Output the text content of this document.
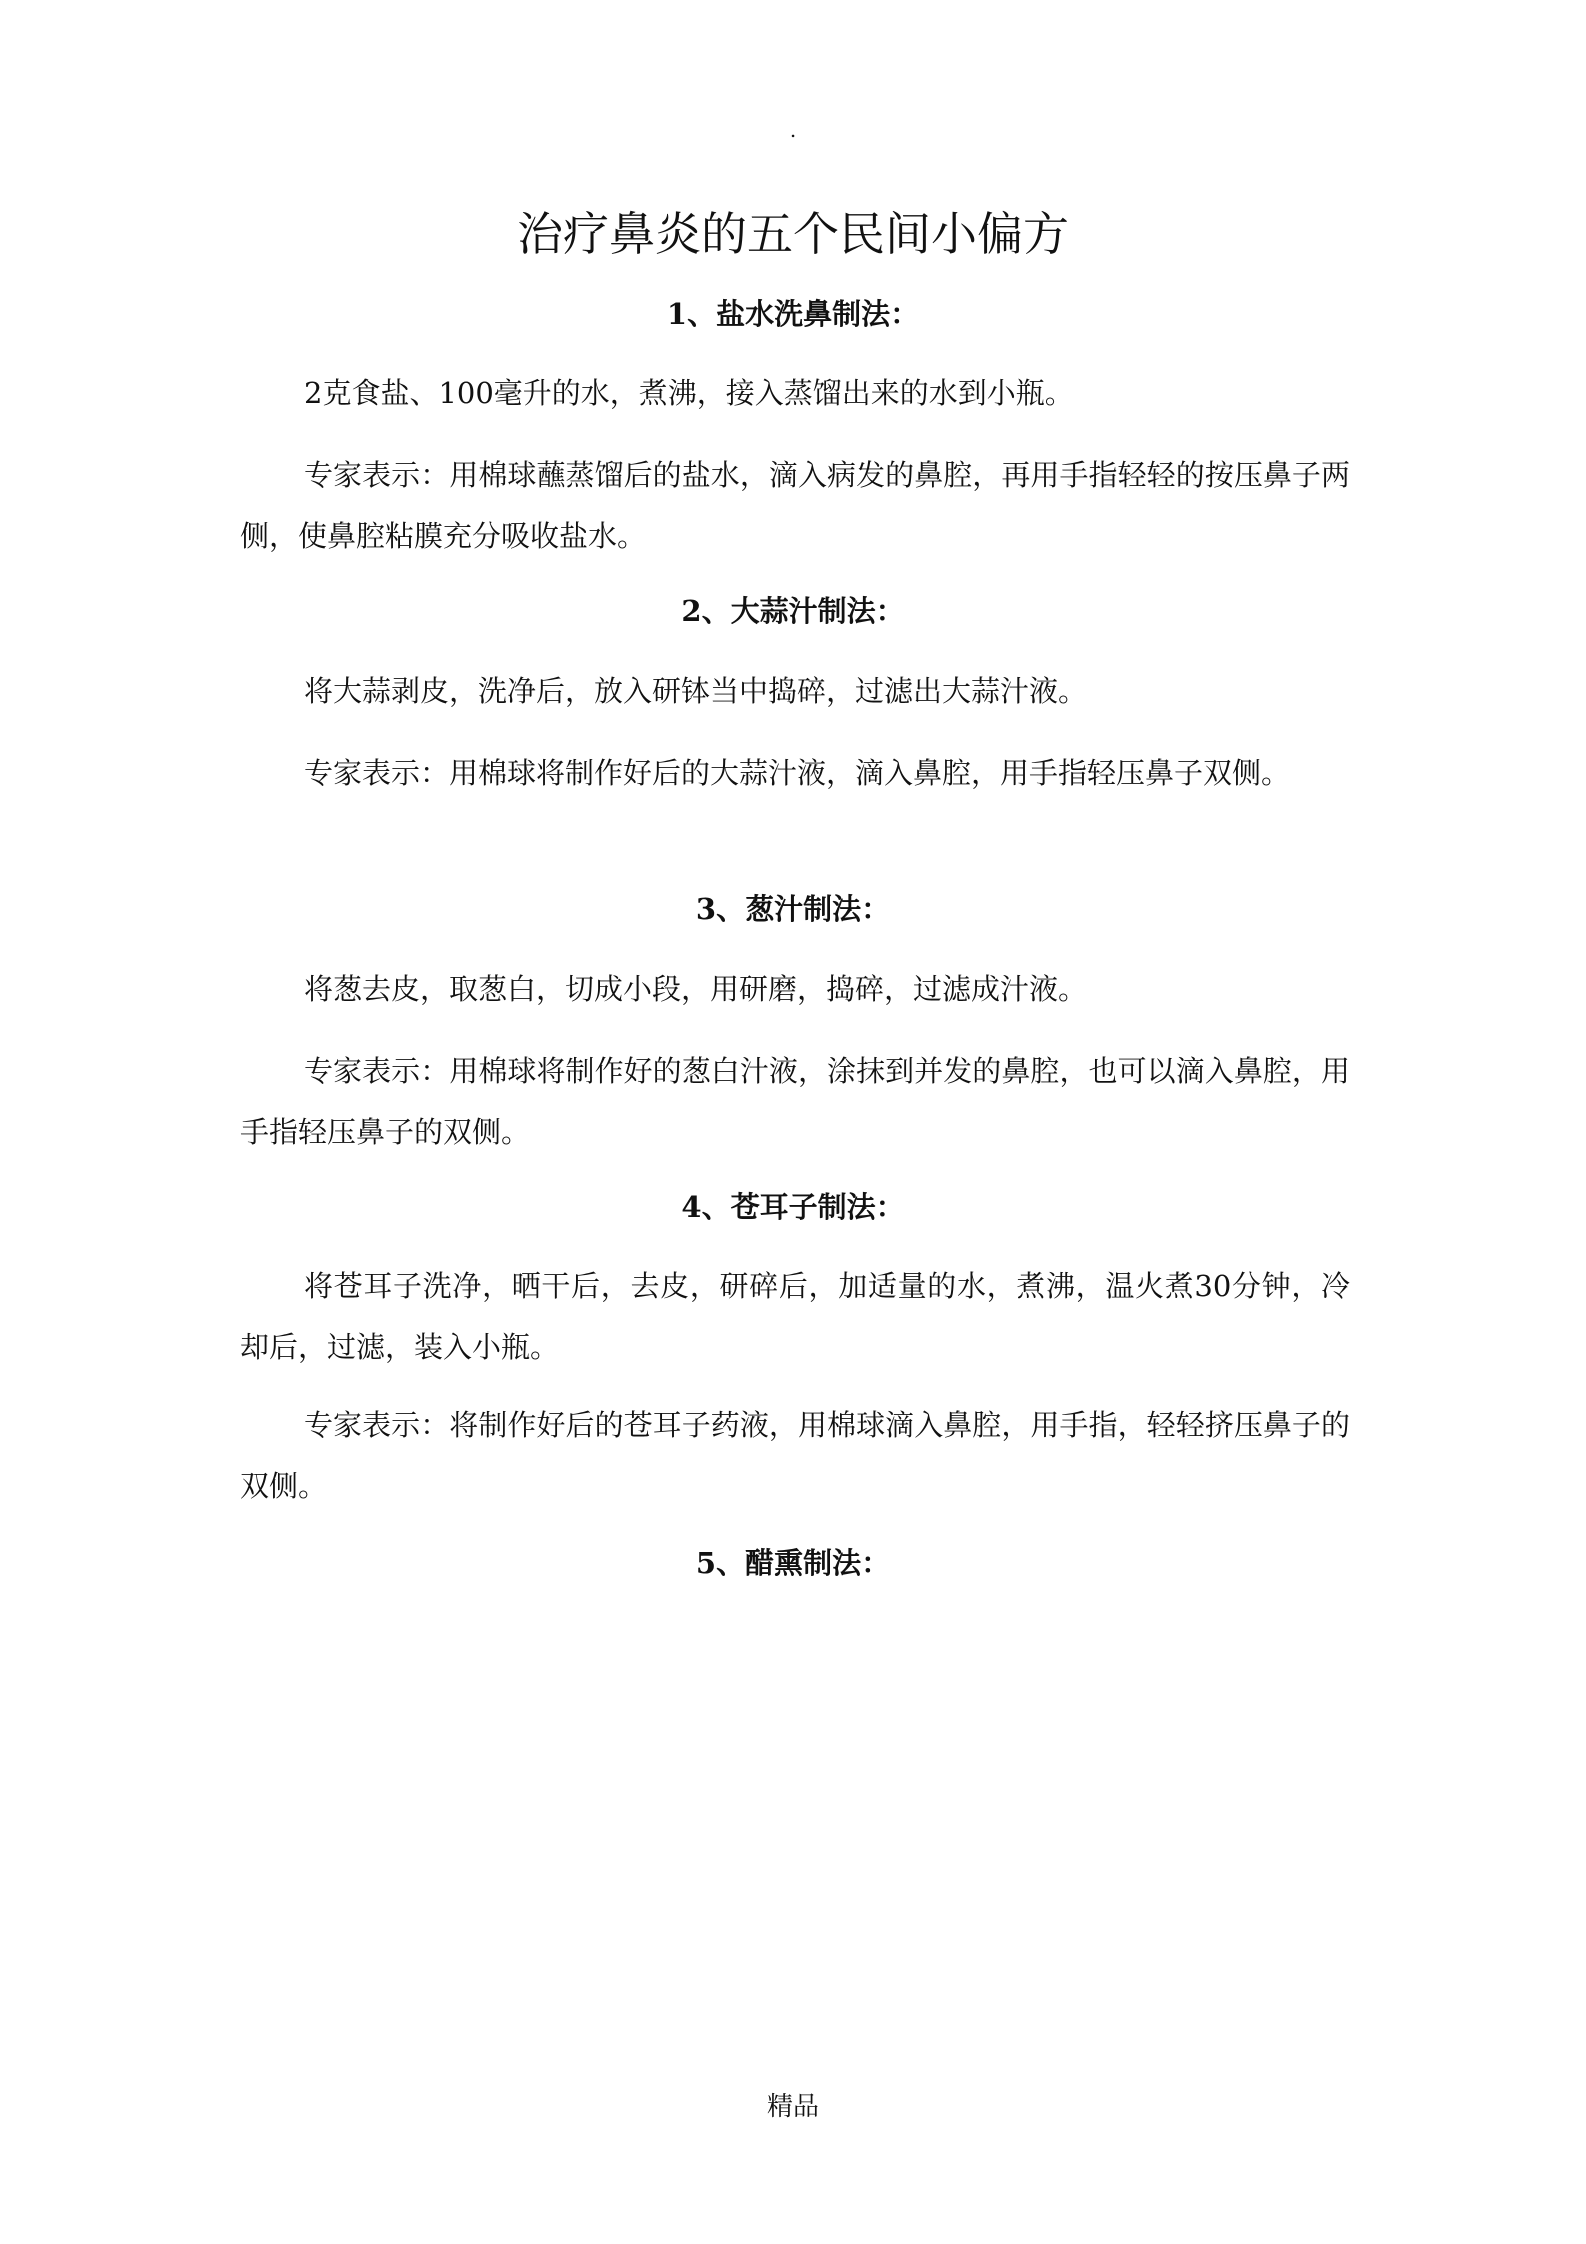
.
治疗鼻炎的五个民间小偏方
1、盐水洗鼻制法：

2克食盐、100毫升的水，煮沸，接入蒸馏出来的水到小瓶。

专家表示：用棉球蘸蒸馏后的盐水，滴入病发的鼻腔，再用手指轻轻的按压鼻子两侧，使鼻腔粘膜充分吸收盐水。

2、大蒜汁制法：

将大蒜剥皮，洗净后，放入研钵当中捣碎，过滤出大蒜汁液。

专家表示：用棉球将制作好后的大蒜汁液，滴入鼻腔，用手指轻压鼻子双侧。

3、葱汁制法：

将葱去皮，取葱白，切成小段，用研磨，捣碎，过滤成汁液。

专家表示：用棉球将制作好的葱白汁液，涂抹到并发的鼻腔，也可以滴入鼻腔，用手指轻压鼻子的双侧。

4、苍耳子制法：

将苍耳子洗净，晒干后，去皮，研碎后，加适量的水，煮沸，温火煮30分钟，冷却后，过滤，装入小瓶。

专家表示：将制作好后的苍耳子药液，用棉球滴入鼻腔，用手指，轻轻挤压鼻子的双侧。

5、醋熏制法：
精品
